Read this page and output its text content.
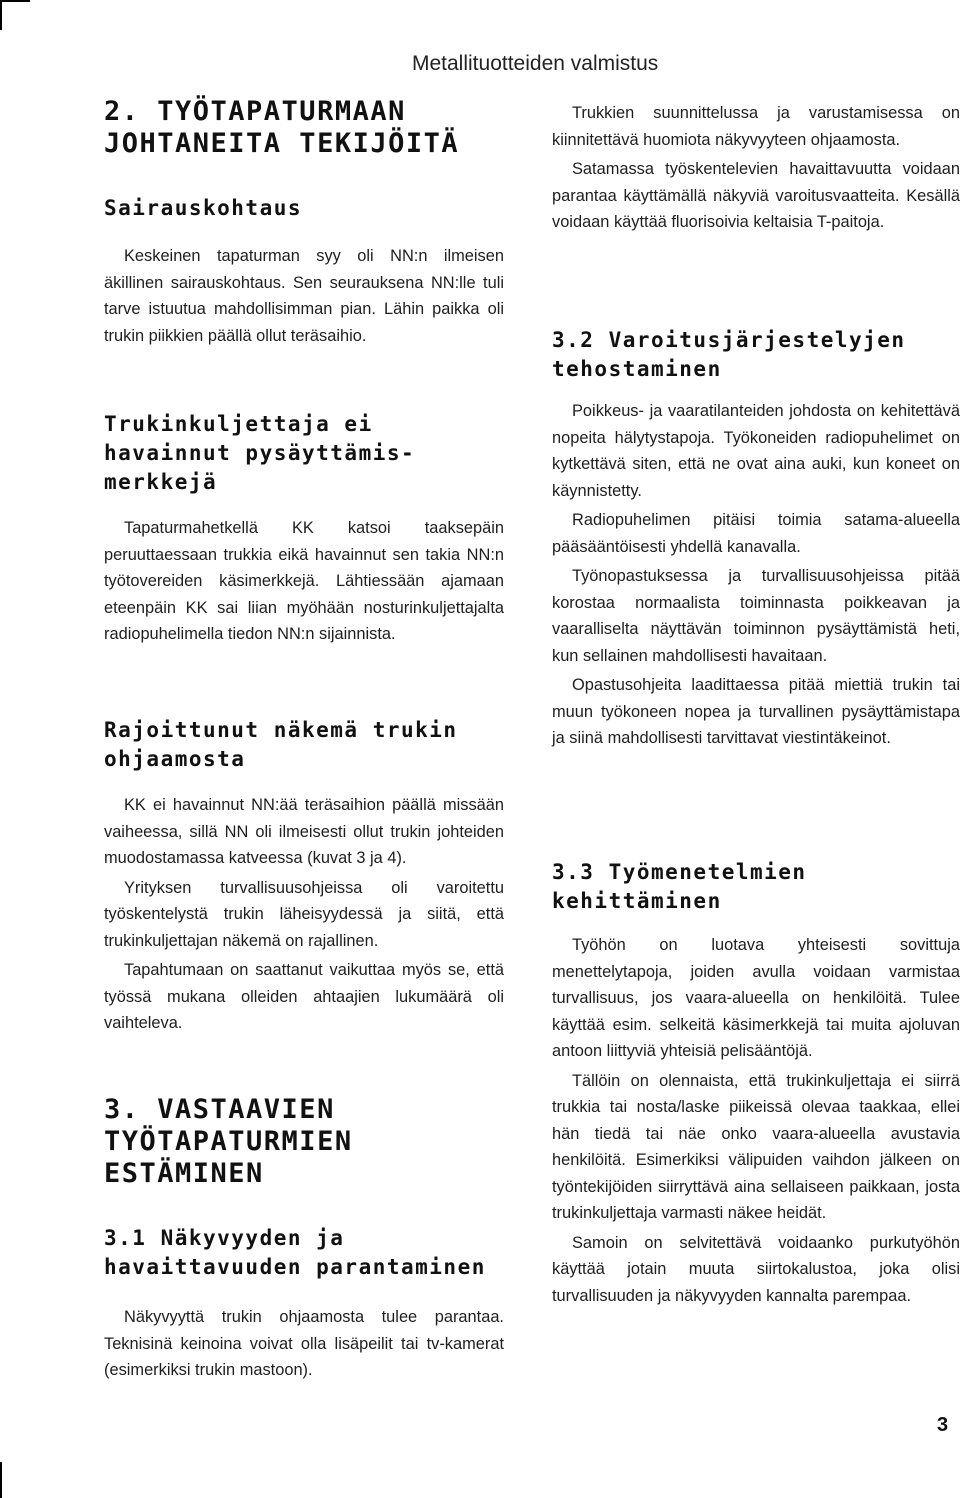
Metallituotteiden valmistus
2. TYÖTAPATURMAAN JOHTANEITA TEKIJÖITÄ
Sairauskohtaus

Keskeinen tapaturman syy oli NN:n ilmeisen äkillinen sairauskohtaus. Sen seurauksena NN:lle tuli tarve istuutua mahdollisimman pian. Lähin paikka oli trukin piikkien päällä ollut teräsaihio.

Trukinkuljettaja ei havainnut pysäyttämis-merkkejä

Tapaturmahetkellä KK katsoi taaksepäin peruuttaessaan trukkia eikä havainnut sen takia NN:n työtovereiden käsimerkkejä. Lähtiessään ajamaan eteenpäin KK sai liian myöhään nosturinkuljettajalta radiopuhelimella tiedon NN:n sijainnista.

Rajoittunut näkemä trukin ohjaamosta

KK ei havainnut NN:ää teräsaihion päällä missään vaiheessa, sillä NN oli ilmeisesti ollut trukin johteiden muodostamassa katveessa (kuvat 3 ja 4).

Yrityksen turvallisuusohjeissa oli varoitettu työskentelystä trukin läheisyydessä ja siitä, että trukinkuljettajan näkemä on rajallinen.

Tapahtumaan on saattanut vaikuttaa myös se, että työssä mukana olleiden ahtaajien lukumäärä oli vaihteleva.

3. VASTAAVIEN TYÖTAPATURMIEN ESTÄMINEN
3.1 Näkyvyyden ja havaittavuuden parantaminen

Näkyvyyttä trukin ohjaamosta tulee parantaa. Teknisinä keinoina voivat olla lisäpeilit tai tv-kamerat (esimerkiksi trukin mastoon).

Trukkien suunnittelussa ja varustamisessa on kiinnitettävä huomiota näkyvyyteen ohjaamosta.

Satamassa työskentelevien havaittavuutta voidaan parantaa käyttämällä näkyviä varoitusvaatteita. Kesällä voidaan käyttää fluorisoivia keltaisia T-paitoja.

3.2 Varoitusjärjestelyjen tehostaminen

Poikkeus- ja vaaratilanteiden johdosta on kehitettävä nopeita hälytystapoja. Työkoneiden radiopuhelimet on kytkettävä siten, että ne ovat aina auki, kun koneet on käynnistetty.

Radiopuhelimen pitäisi toimia satama-alueella pääsääntöisesti yhdellä kanavalla.

Työnopastuksessa ja turvallisuusohjeissa pitää korostaa normaalista toiminnasta poikkeavan ja vaaralliselta näyttävän toiminnon pysäyttämistä heti, kun sellainen mahdollisesti havaitaan.

Opastusohjeita laadittaessa pitää miettiä trukin tai muun työkoneen nopea ja turvallinen pysäyttämistapa ja siinä mahdollisesti tarvittavat viestintäkeinot.

3.3 Työmenetelmien kehittäminen

Työhön on luotava yhteisesti sovittuja menettelytapoja, joiden avulla voidaan varmistaa turvallisuus, jos vaara-alueella on henkilöitä. Tulee käyttää esim. selkeitä käsimerkkejä tai muita ajoluvan antoon liittyviä yhteisiä pelisääntöjä.

Tällöin on olennaista, että trukinkuljettaja ei siirrä trukkia tai nosta/laske piikeissä olevaa taakkaa, ellei hän tiedä tai näe onko vaara-alueella avustavia henkilöitä. Esimerkiksi välipuiden vaihdon jälkeen on työntekijöiden siirryttävä aina sellaiseen paikkaan, josta trukinkuljettaja varmasti näkee heidät.

Samoin on selvitettävä voidaanko purkutyöhön käyttää jotain muuta siirtokalustoa, joka olisi turvallisuuden ja näkyvyyden kannalta parempaa.

3
